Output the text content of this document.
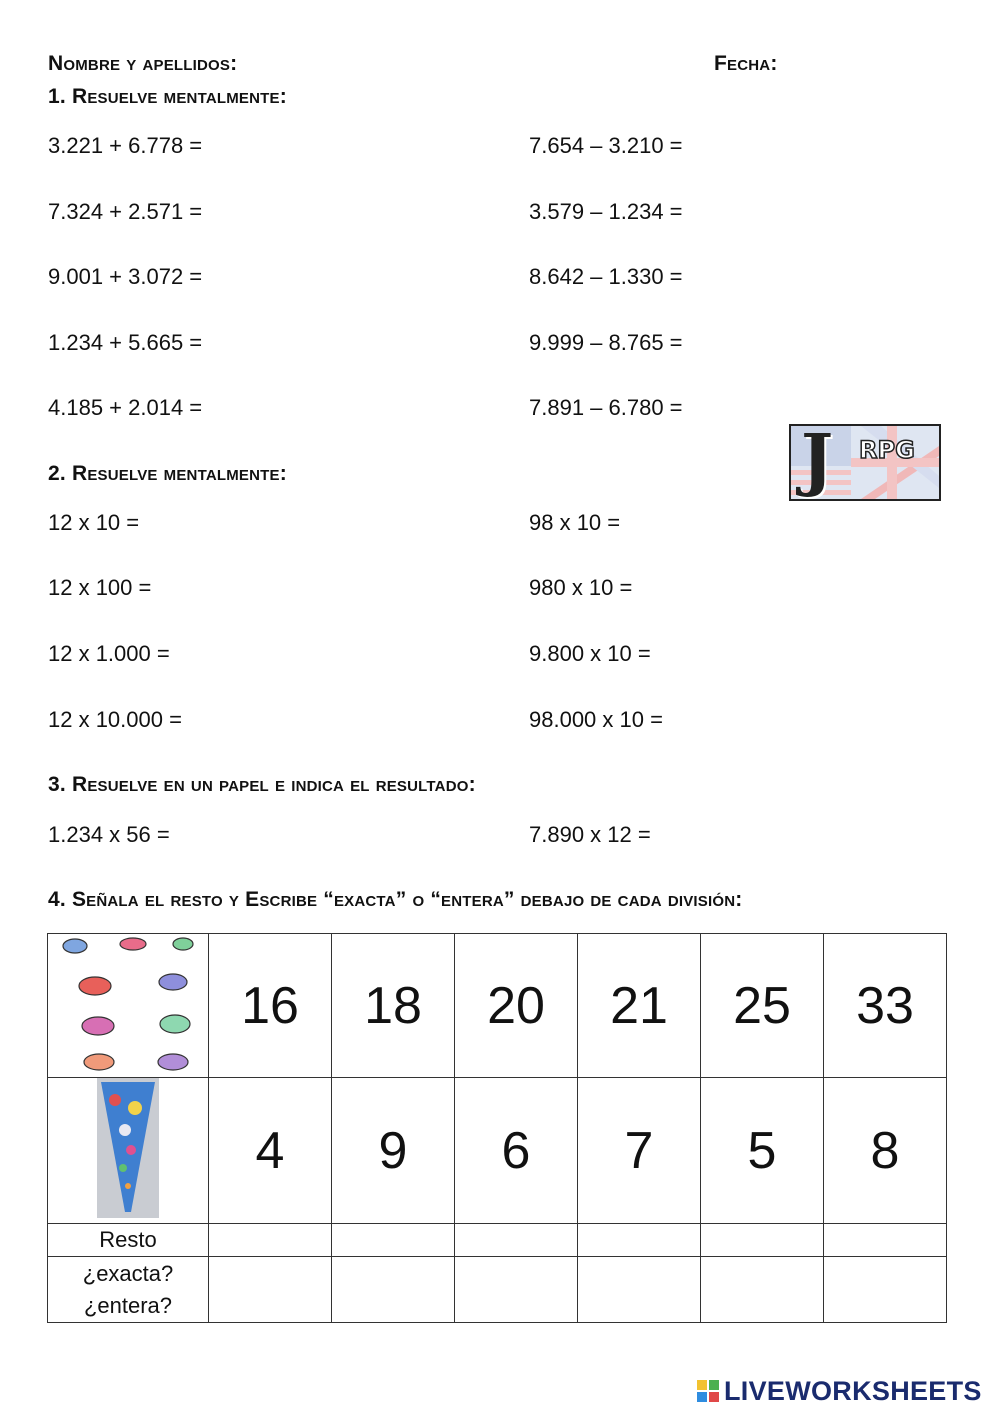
Nombre y apellidos:	Fecha:
1. Resuelve mentalmente:
3.221 + 6.778 =
7.324 + 2.571 =
9.001 + 3.072 =
1.234 + 5.665 =
4.185 + 2.014 =
7.654 – 3.210 =
3.579 – 1.234 =
8.642 – 1.330 =
9.999 – 8.765 =
7.891 – 6.780 =
J RPG
2. Resuelve mentalmente:
12 x 10 =
12 x 100 =
12 x 1.000 =
12 x 10.000 =
98 x 10 =
980 x 10 =
9.800 x 10 =
98.000 x 10 =
3. Resuelve en un papel e indica el resultado:
1.234 x 56 =	7.890 x 12 =
4. Señala el resto y Escribe “exacta” o “entera” debajo de cada división:
	16	18	20	21	25	33
	4	9	6	7	5	8
Resto						

¿exacta?
¿entera?						

LIVEWORKSHEETS
